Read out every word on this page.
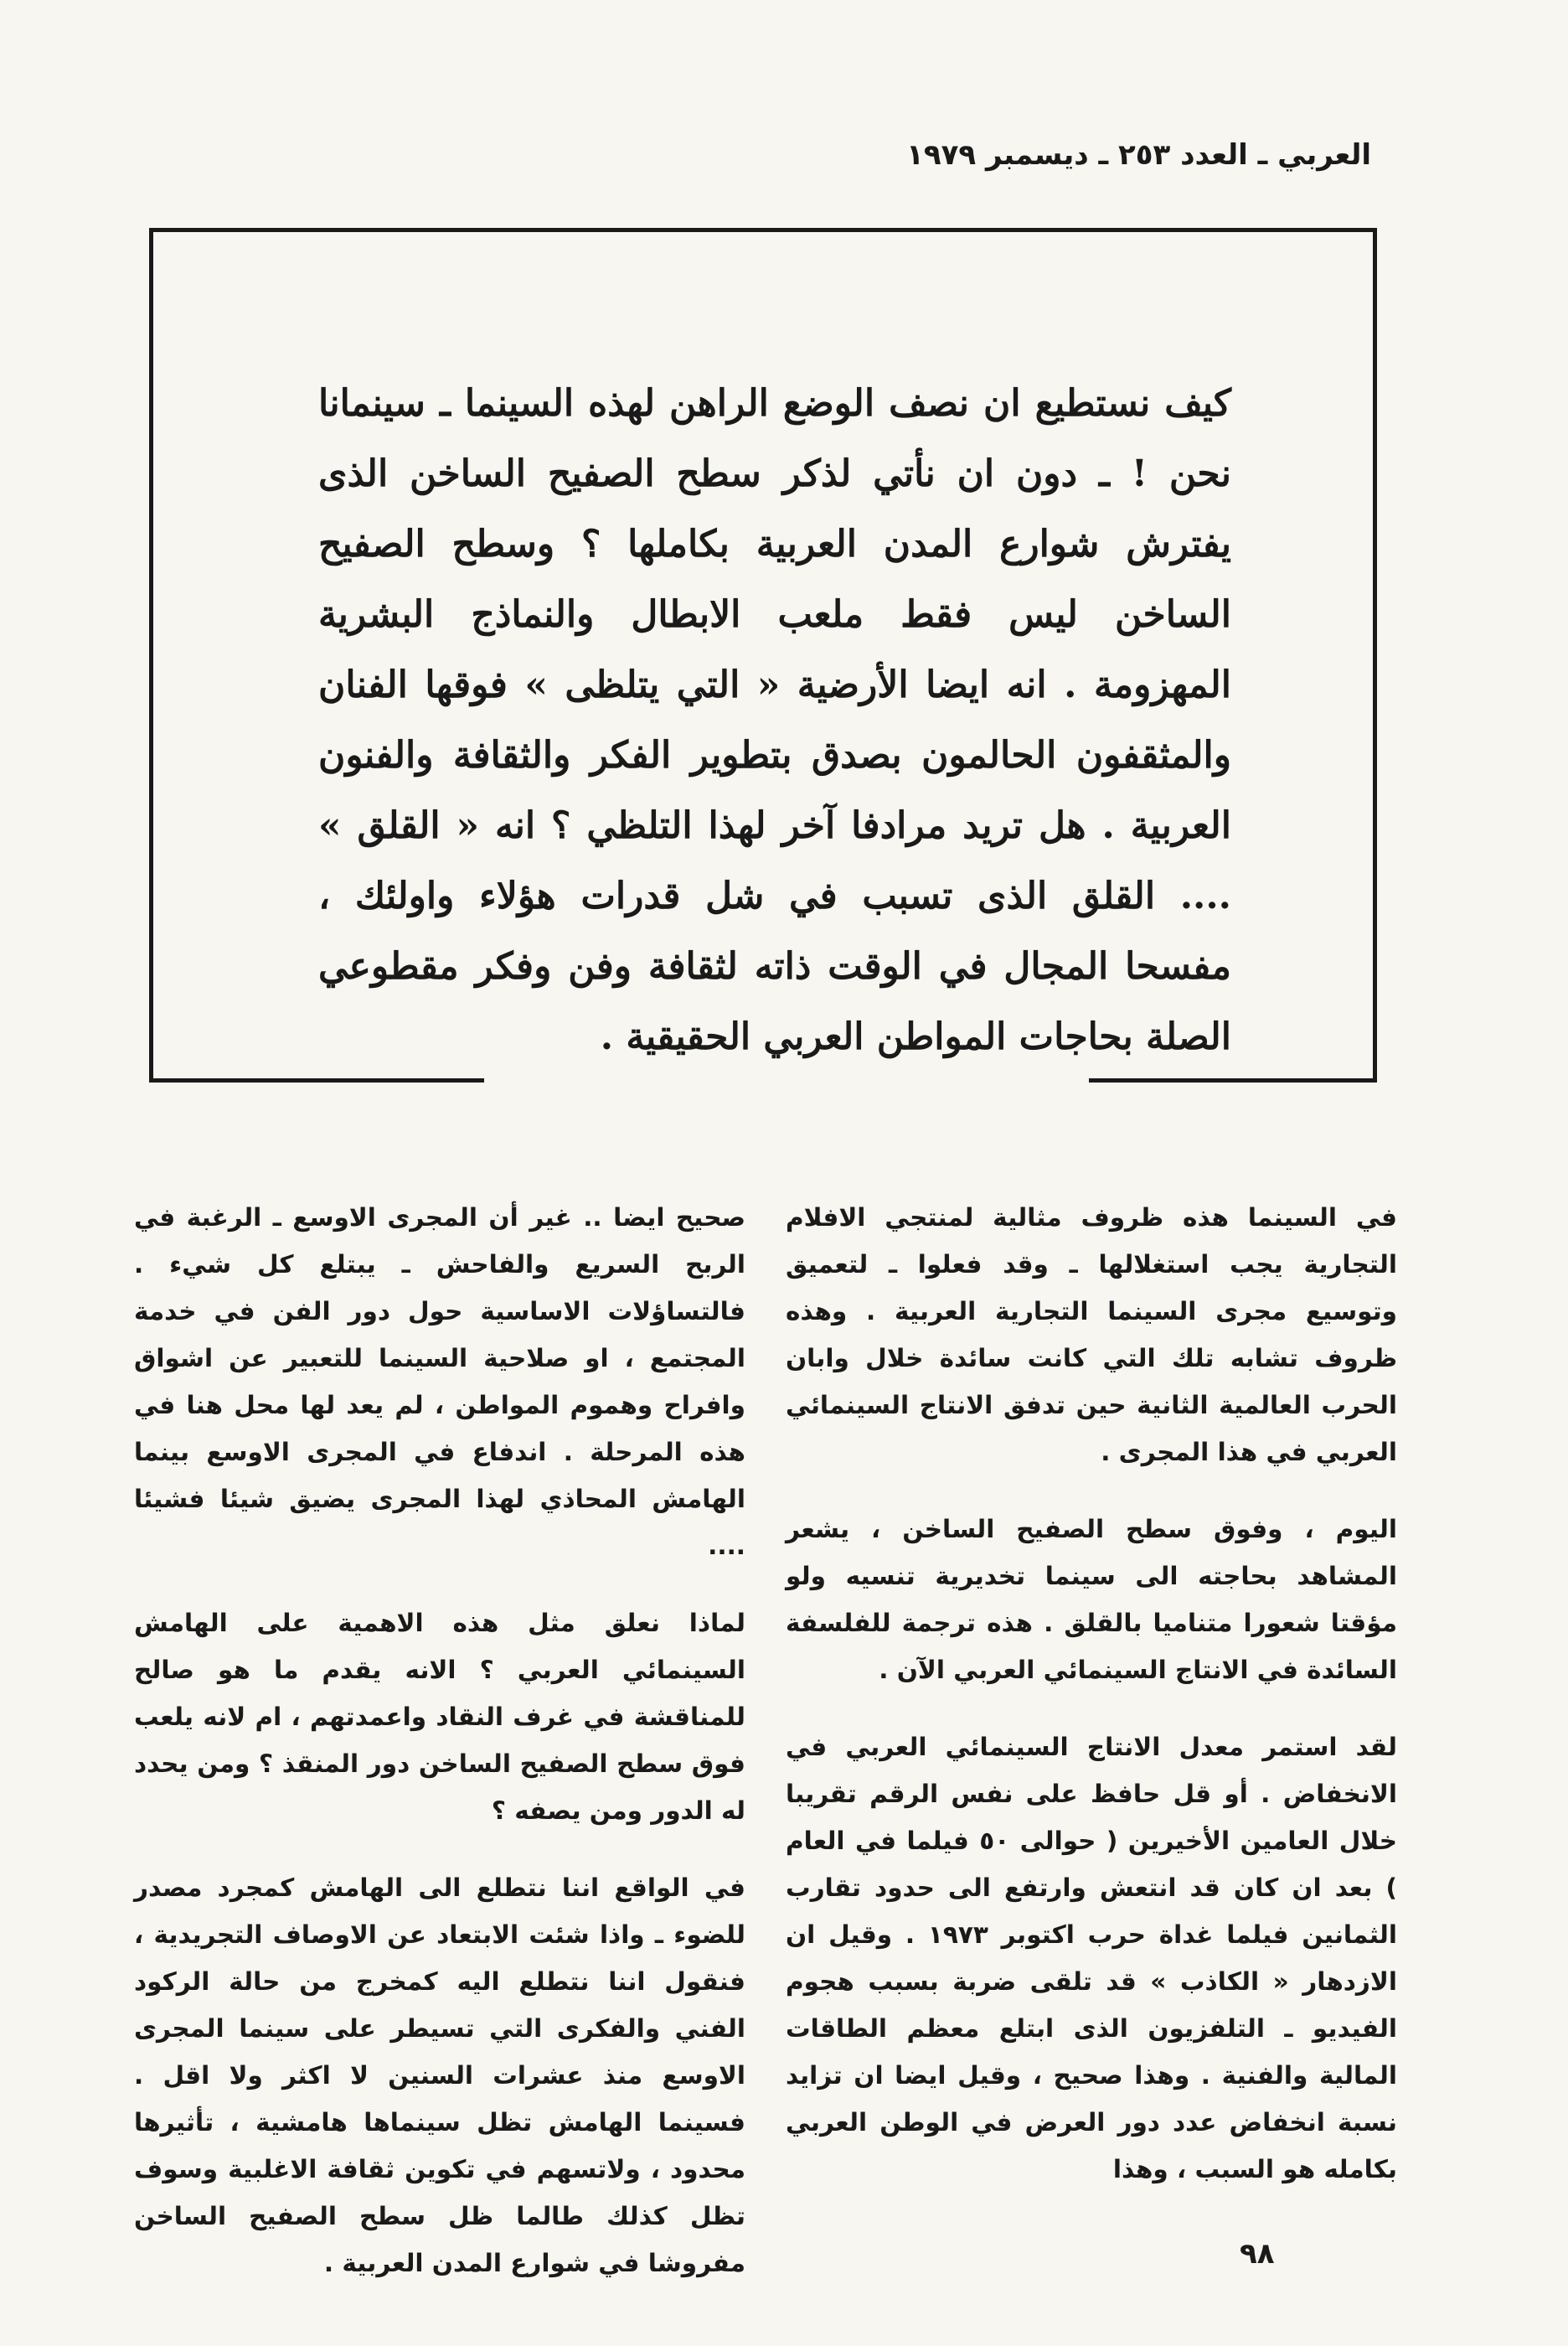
العربي ـ العدد ٢٥٣ ـ ديسمبر ١٩٧٩
كيف نستطيع ان نصف الوضع الراهن لهذه السينما ـ سينمانا نحن ! ـ دون ان نأتي لذكر سطح الصفيح الساخن الذى يفترش شوارع المدن العربية بكاملها ؟ وسطح الصفيح الساخن ليس فقط ملعب الابطال والنماذج البشرية المهزومة . انه ايضا الأرضية « التي يتلظى » فوقها الفنان والمثقفون الحالمون بصدق بتطوير الفكر والثقافة والفنون العربية . هل تريد مرادفا آخر لهذا التلظي ؟ انه « القلق » .... القلق الذى تسبب في شل قدرات هؤلاء واولئك ، مفسحا المجال في الوقت ذاته لثقافة وفن وفكر مقطوعي الصلة بحاجات المواطن العربي الحقيقية .

في السينما هذه ظروف مثالية لمنتجي الافلام التجارية يجب استغلالها ـ وقد فعلوا ـ لتعميق وتوسيع مجرى السينما التجارية العربية . وهذه ظروف تشابه تلك التي كانت سائدة خلال وابان الحرب العالمية الثانية حين تدفق الانتاج السينمائي العربي في هذا المجرى .

اليوم ، وفوق سطح الصفيح الساخن ، يشعر المشاهد بحاجته الى سينما تخديرية تنسيه ولو مؤقتا شعورا متناميا بالقلق . هذه ترجمة للفلسفة السائدة في الانتاج السينمائي العربي الآن .

لقد استمر معدل الانتاج السينمائي العربي في الانخفاض . أو قل حافظ على نفس الرقم تقريبا خلال العامين الأخيرين ( حوالى ٥٠ فيلما في العام ) بعد ان كان قد انتعش وارتفع الى حدود تقارب الثمانين فيلما غداة حرب اكتوبر ١٩٧٣ . وقيل ان الازدهار « الكاذب » قد تلقى ضربة بسبب هجوم الفيديو ـ التلفزيون الذى ابتلع معظم الطاقات المالية والفنية . وهذا صحيح ، وقيل ايضا ان تزايد نسبة انخفاض عدد دور العرض في الوطن العربي بكامله هو السبب ، وهذا

صحيح ايضا .. غير أن المجرى الاوسع ـ الرغبة في الربح السريع والفاحش ـ يبتلع كل شيء . فالتساؤلات الاساسية حول دور الفن في خدمة المجتمع ، او صلاحية السينما للتعبير عن اشواق وافراح وهموم المواطن ، لم يعد لها محل هنا في هذه المرحلة . اندفاع في المجرى الاوسع بينما الهامش المحاذي لهذا المجرى يضيق شيئا فشيئا ....

لماذا نعلق مثل هذه الاهمية على الهامش السينمائي العربي ؟ الانه يقدم ما هو صالح للمناقشة في غرف النقاد واعمدتهم ، ام لانه يلعب فوق سطح الصفيح الساخن دور المنقذ ؟ ومن يحدد له الدور ومن يصفه ؟

في الواقع اننا نتطلع الى الهامش كمجرد مصدر للضوء ـ واذا شئت الابتعاد عن الاوصاف التجريدية ، فنقول اننا نتطلع اليه كمخرج من حالة الركود الفني والفكرى التي تسيطر على سينما المجرى الاوسع منذ عشرات السنين لا اكثر ولا اقل . فسينما الهامش تظل سينماها هامشية ، تأثيرها محدود ، ولاتسهم في تكوين ثقافة الاغلبية وسوف تظل كذلك طالما ظل سطح الصفيح الساخن مفروشا في شوارع المدن العربية .	٩٨
